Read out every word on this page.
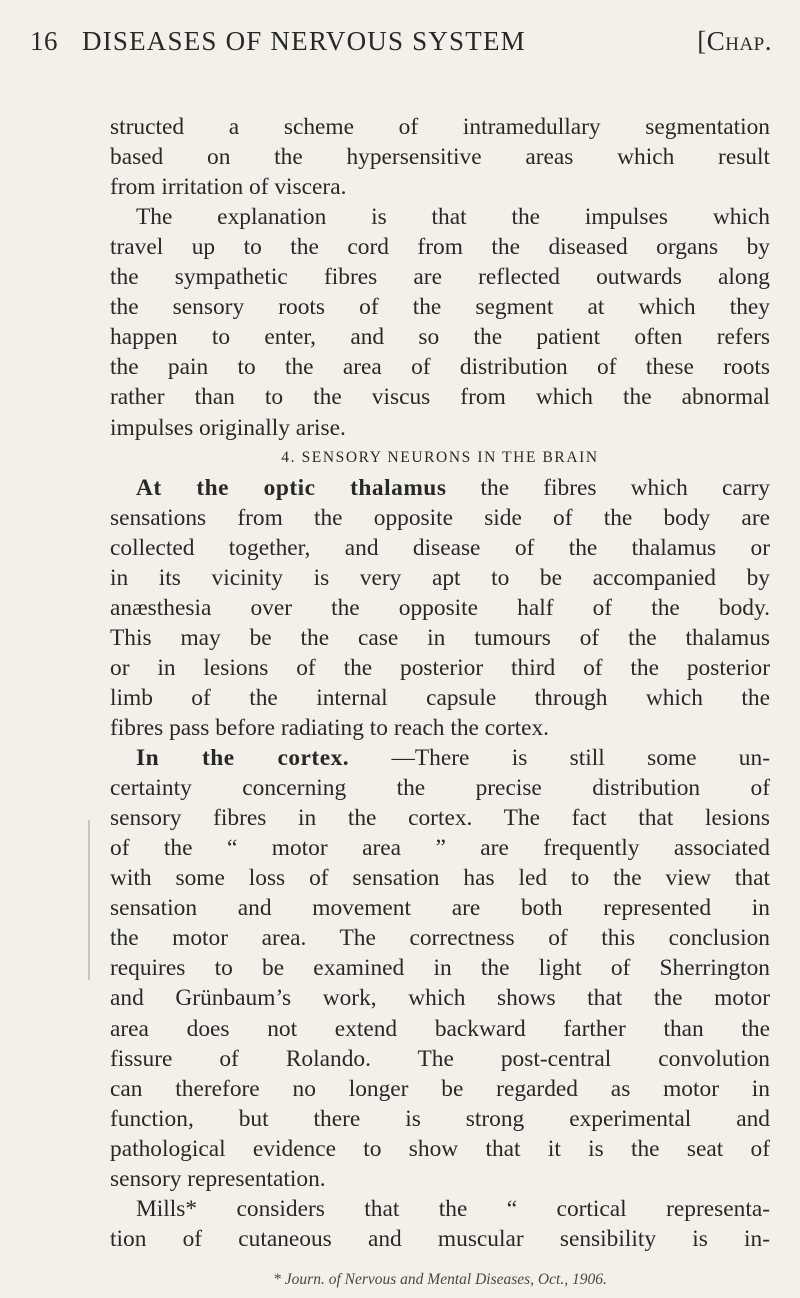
16 DISEASES OF NERVOUS SYSTEM	[Chap.
structed a scheme of intramedullary segmentation
based on the hypersensitive areas which result
from irritation of viscera.
The explanation is that the impulses which
travel up to the cord from the diseased organs by
the sympathetic fibres are reflected outwards along
the sensory roots of the segment at which they
happen to enter, and so the patient often refers
the pain to the area of distribution of these roots
rather than to the viscus from which the abnormal
impulses originally arise.
4. SENSORY NEURONS IN THE BRAIN
At the optic thalamus the fibres which carry
sensations from the opposite side of the body are
collected together, and disease of the thalamus or
in its vicinity is very apt to be accompanied by
anæsthesia over the opposite half of the body.
This may be the case in tumours of the thalamus
or in lesions of the posterior third of the posterior
limb of the internal capsule through which the
fibres pass before radiating to reach the cortex.
In the cortex. —There is still some un-
certainty concerning the precise distribution of
sensory fibres in the cortex. The fact that lesions
of the “ motor area ” are frequently associated
with some loss of sensation has led to the view that
sensation and movement are both represented in
the motor area. The correctness of this conclusion
requires to be examined in the light of Sherrington
and Grünbaum’s work, which shows that the motor
area does not extend backward farther than the
fissure of Rolando. The post-central convolution
can therefore no longer be regarded as motor in
function, but there is strong experimental and
pathological evidence to show that it is the seat of
sensory representation.
Mills* considers that the “ cortical representa-
tion of cutaneous and muscular sensibility is in-
* Journ. of Nervous and Mental Diseases, Oct., 1906.
